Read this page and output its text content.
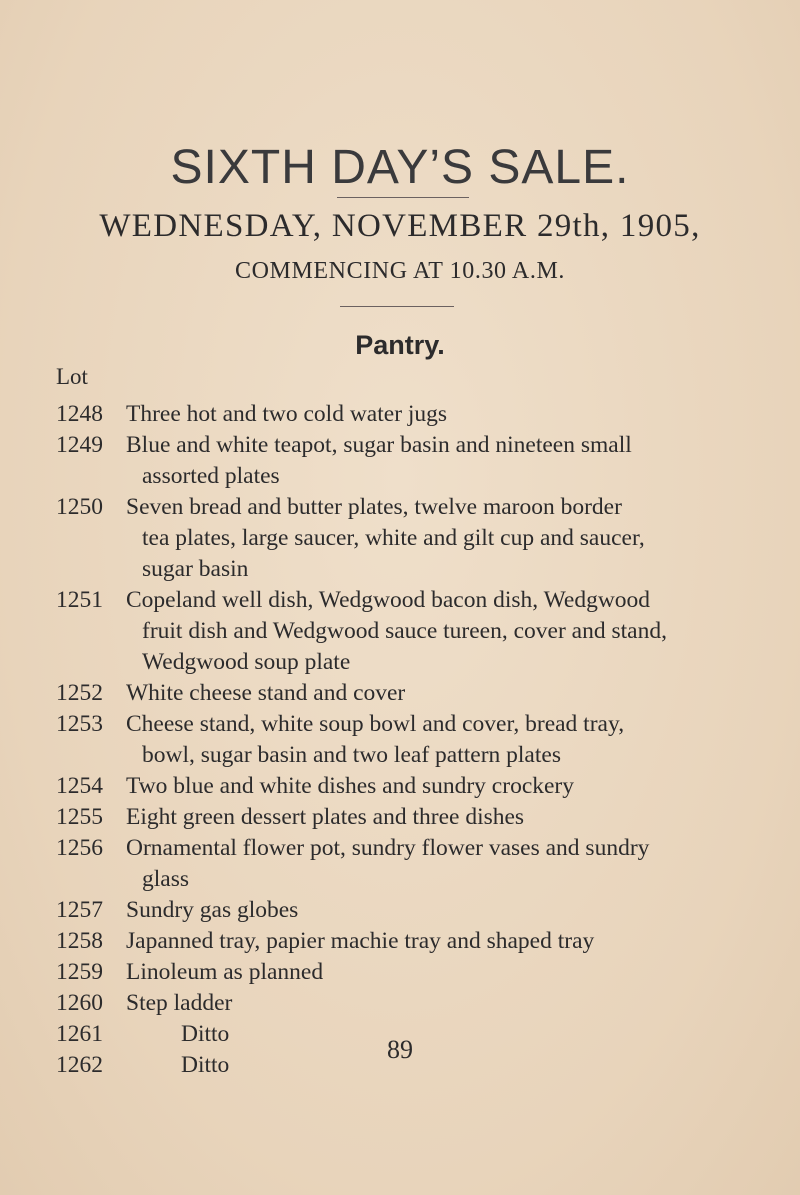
SIXTH DAY’S SALE.
WEDNESDAY, NOVEMBER 29th, 1905,
COMMENCING AT 10.30 A.M.
Pantry.
Lot
1248 Three hot and two cold water jugs
1249 Blue and white teapot, sugar basin and nineteen small
assorted plates
1250 Seven bread and butter plates, twelve maroon border
tea plates, large saucer, white and gilt cup and saucer,
sugar basin
1251 Copeland well dish, Wedgwood bacon dish, Wedgwood
fruit dish and Wedgwood sauce tureen, cover and stand,
Wedgwood soup plate
1252 White cheese stand and cover
1253 Cheese stand, white soup bowl and cover, bread tray,
bowl, sugar basin and two leaf pattern plates
1254 Two blue and white dishes and sundry crockery
1255 Eight green dessert plates and three dishes
1256 Ornamental flower pot, sundry flower vases and sundry
glass
1257 Sundry gas globes
1258 Japanned tray, papier machie tray and shaped tray
1259 Linoleum as planned
1260 Step ladder
1261	Ditto
1262	Ditto
89
